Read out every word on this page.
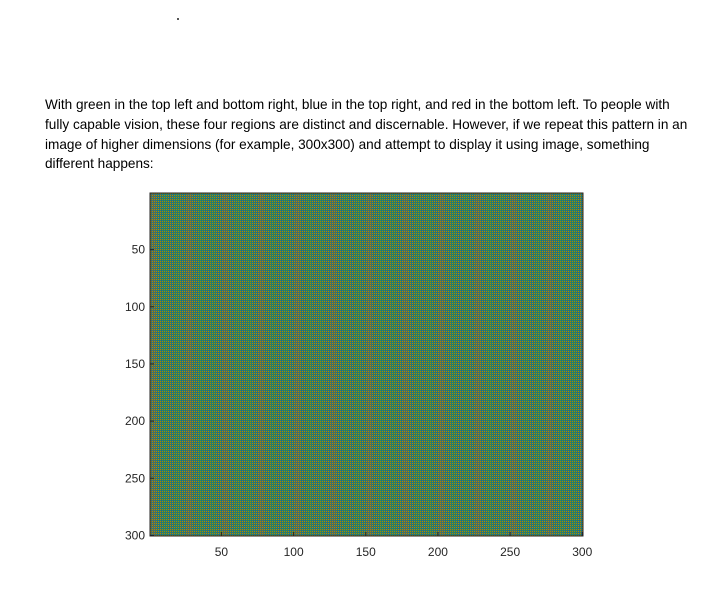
With green in the top left and bottom right, blue in the top right, and red in the bottom left. To people with fully capable vision, these four regions are distinct and discernable. However, if we repeat this pattern in an image of higher dimensions (for example, 300x300) and attempt to display it using image, something different happens:

50	100	150	200	250	300
50
100
150
200
250
300
